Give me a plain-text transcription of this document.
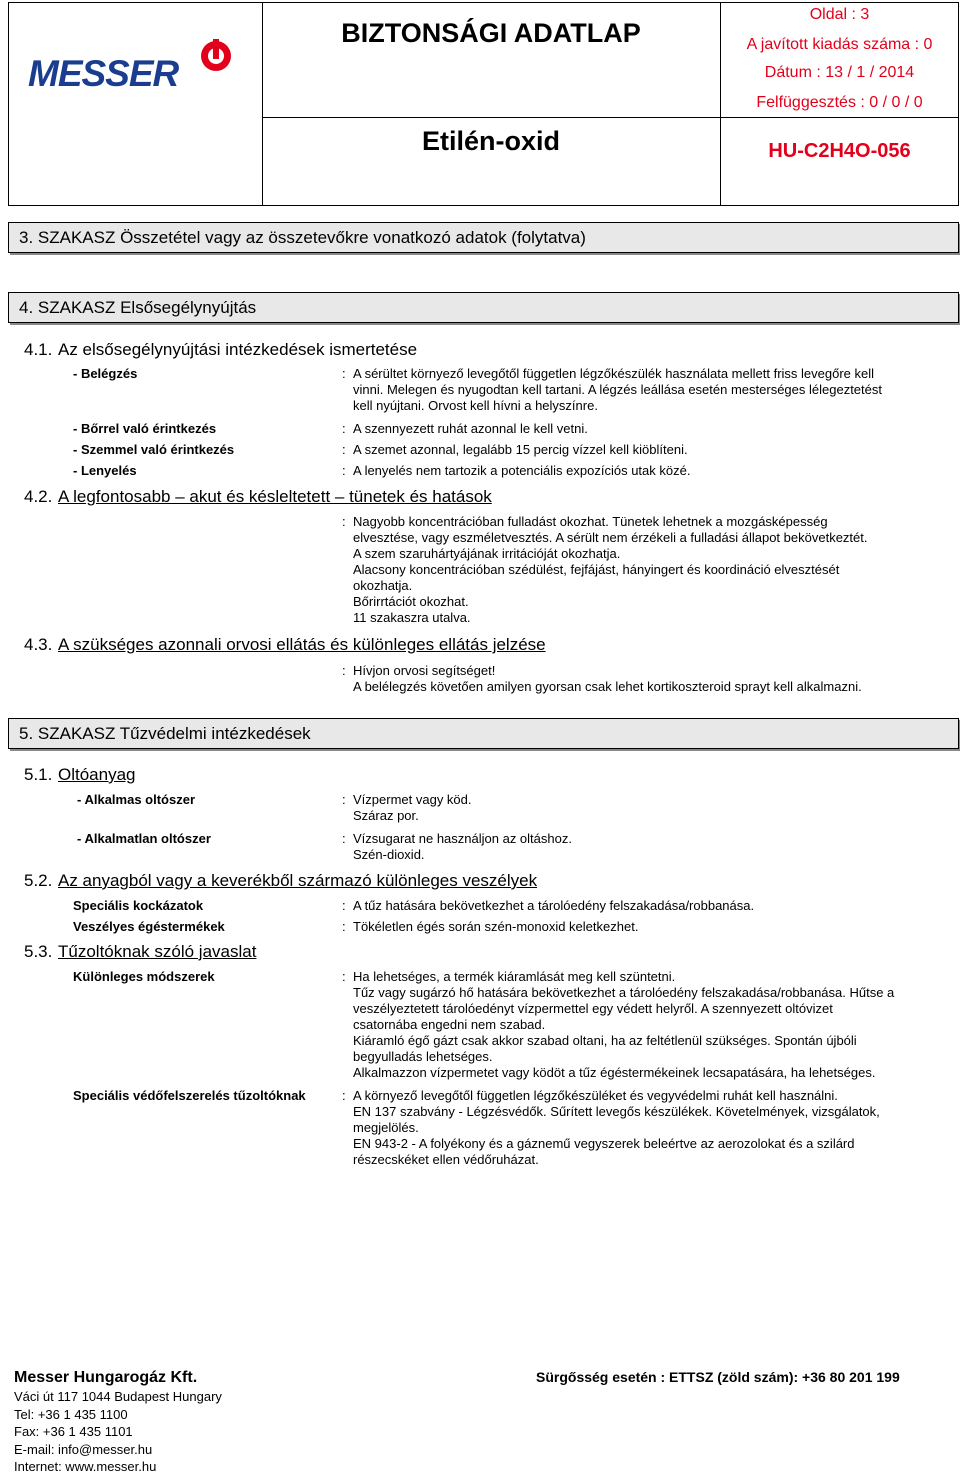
MESSER
BIZTONSÁGI ADATLAP
Etilén-oxid
Oldal : 3
A javított kiadás száma : 0
Dátum : 13 / 1 / 2014
Felfüggesztés : 0 / 0 / 0
HU-C2H4O-056
3. SZAKASZ Összetétel vagy az összetevőkre vonatkozó adatok (folytatva)
4. SZAKASZ Elsősegélynyújtás
4.1. Az elsősegélynyújtási intézkedések ismertetése
- Belégzés	: A sérültet környező levegőtől független légzőkészülék használata mellett friss levegőre kell
vinni. Melegen és nyugodtan kell tartani. A légzés leállása esetén mesterséges lélegeztetést
kell nyújtani. Orvost kell hívni a helyszínre.
- Bőrrel való érintkezés	: A szennyezett ruhát azonnal le kell vetni.
- Szemmel való érintkezés	: A szemet azonnal, legalább 15 percig vízzel kell kiöblíteni.
- Lenyelés	: A lenyelés nem tartozik a potenciális expozíciós utak közé.
4.2. A legfontosabb – akut és késleltetett – tünetek és hatások
: Nagyobb koncentrációban fulladást okozhat. Tünetek lehetnek a mozgásképesség
elvesztése, vagy eszméletvesztés. A sérült nem érzékeli a fulladási állapot bekövetkeztét.
A szem szaruhártyájának irritációját okozhatja.
Alacsony koncentrációban szédülést, fejfájást, hányingert és koordináció elvesztését
okozhatja.
Bőrirrtációt okozhat.
11 szakaszra utalva.
4.3. A szükséges azonnali orvosi ellátás és különleges ellátás jelzése
: Hívjon orvosi segítséget!
A belélegzés követően amilyen gyorsan csak lehet kortikoszteroid sprayt kell alkalmazni.
5. SZAKASZ Tűzvédelmi intézkedések
5.1. Oltóanyag
- Alkalmas oltószer	: Vízpermet vagy köd.
Száraz por.
- Alkalmatlan oltószer	: Vízsugarat ne használjon az oltáshoz.
Szén-dioxid.
5.2. Az anyagból vagy a keverékből származó különleges veszélyek
Speciális kockázatok	: A tűz hatására bekövetkezhet a tárolóedény felszakadása/robbanása.
Veszélyes égéstermékek	: Tökéletlen égés során szén-monoxid keletkezhet.
5.3. Tűzoltóknak szóló javaslat
Különleges módszerek	: Ha lehetséges, a termék kiáramlását meg kell szüntetni.
Tűz vagy sugárzó hő hatására bekövetkezhet a tárolóedény felszakadása/robbanása. Hűtse a
veszélyeztetett tárolóedényt vízpermettel egy védett helyről. A szennyezett oltóvizet
csatornába engedni nem szabad.
Kiáramló égő gázt csak akkor szabad oltani, ha az feltétlenül szükséges. Spontán újbóli
begyulladás lehetséges.
Alkalmazzon vízpermetet vagy ködöt a tűz égéstermékeinek lecsapatására, ha lehetséges.
Speciális védőfelszerelés tűzoltóknak	: A környező levegőtől független légzőkészüléket és vegyvédelmi ruhát kell használni.
EN 137 szabvány - Légzésvédők. Sűrített levegős készülékek. Követelmények, vizsgálatok,
megjelölés.
EN 943-2 - A folyékony és a gáznemű vegyszerek beleértve az aerozolokat és a szilárd
részecskéket ellen védőruházat.
Messer Hungarogáz Kft.
Váci út 117 1044 Budapest Hungary
Tel: +36 1 435 1100
Fax: +36 1 435 1101
E-mail: info@messer.hu
Internet: www.messer.hu
Sürgősség esetén : ETTSZ (zöld szám): +36 80 201 199
